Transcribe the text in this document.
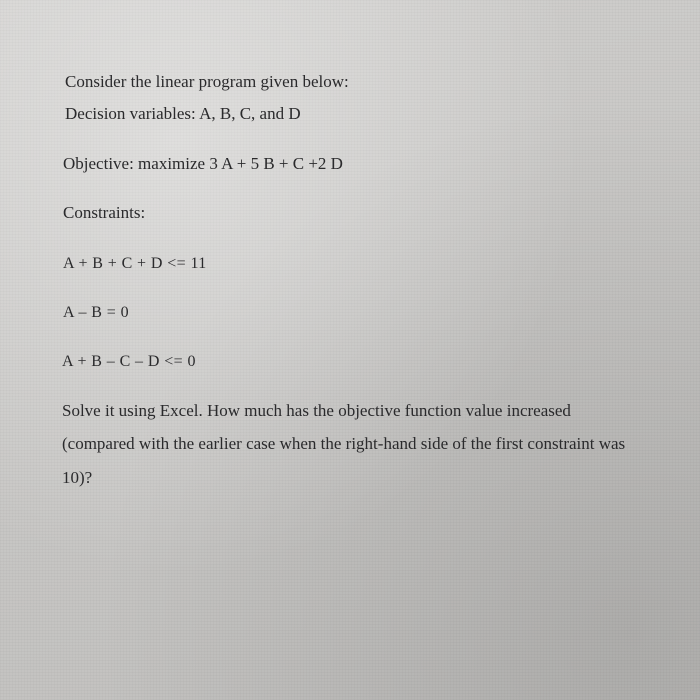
Consider the linear program given below:
Decision variables: A, B, C, and D
Objective: maximize 3 A + 5 B + C +2 D
Constraints:
A + B + C + D <= 11
A – B = 0
A + B – C – D <= 0
Solve it using Excel. How much has the objective function value increased
(compared with the earlier case when the right-hand side of the first constraint was
10)?
